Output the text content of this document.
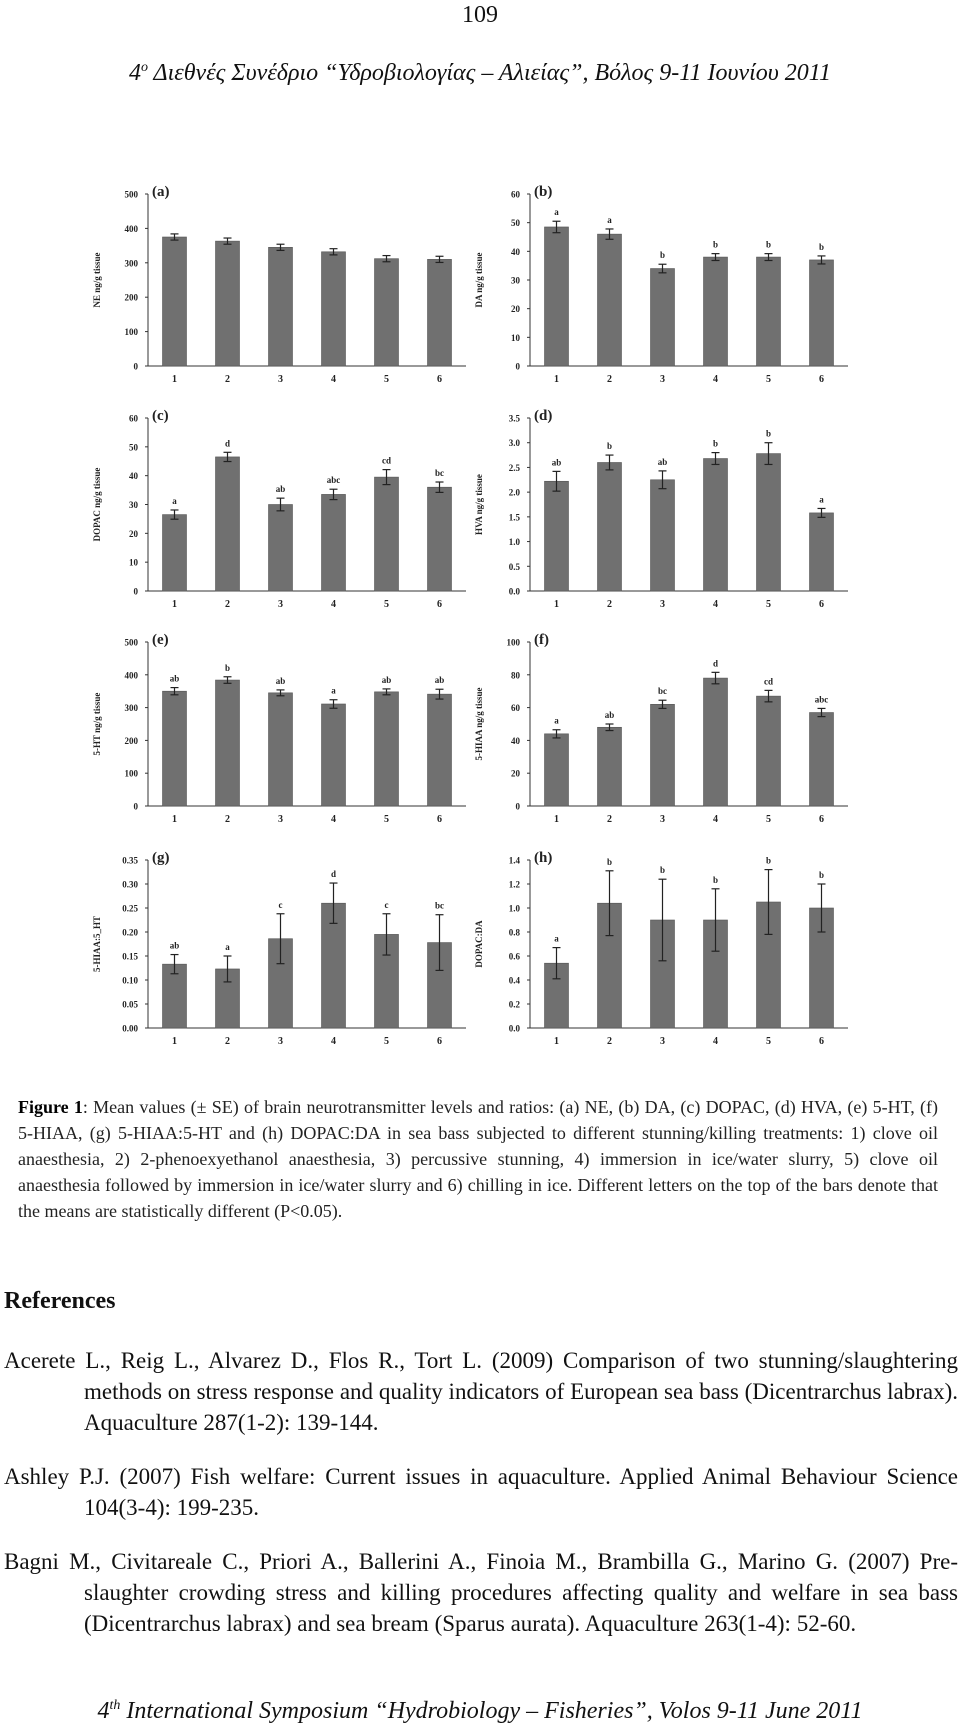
109
$4^o$ Διεθνές Συνέδριο “Υδροβιολογίας – Αλιείας”, Βόλος 9-11 Ιουνίου 2011
0
100
200
300
400
500
NE ng/g tissue
(a)
1	2	3	4	5	6
0
10
20
30
40
50
60
DA ng/g tissue
(b)
a
1
a
2
b
3
b
4
b
5
b
6
0
10
20
30
40
50
60
DOPAC ng/g tissue
(c)
a
1
d
2
ab
3
abc
4
cd
5
bc
6
0.0
0.5
1.0
1.5
2.0
2.5
3.0
3.5
HVA ng/g tissue
(d)
ab
1
b
2
ab
3
b
4
b
5
a
6
0
100
200
300
400
500
5-HT ng/g tissue
(e)
ab
1
b
2
ab
3
a
4
ab
5
ab
6
0
20
40
60
80
100
5-HIAA ng/g tissue
(f)
a
1
ab
2
bc
3
d
4
cd
5
abc
6
0.00
0.05
0.10
0.15
0.20
0.25
0.30
0.35
5-HIAA:5_HT
(g)
ab
1
a
2
c
3
d
4
c
5
bc
6
0.0
0.2
0.4
0.6
0.8
1.0
1.2
1.4
DOPAC:DA
(h)
a
1
b
2
b
3
b
4
b
5
b
6
Figure 1: Mean values (± SE) of brain neurotransmitter levels and ratios: (a) NE, (b) DA, (c) DOPAC, (d) HVA, (e) 5-HT, (f) 5-HIAA, (g) 5-HIAA:5-HT and (h) DOPAC:DA in sea bass subjected to different stunning/killing treatments: 1) clove oil anaesthesia, 2) 2-phenoexyethanol anaesthesia, 3) percussive stunning, 4) immersion in ice/water slurry, 5) clove oil anaesthesia followed by immersion in ice/water slurry and 6) chilling in ice. Different letters on the top of the bars denote that the means are statistically different (P<0.05).
References

Acerete L., Reig L., Alvarez D., Flos R., Tort L. (2009) Comparison of two stunning/slaughtering methods on stress response and quality indicators of European sea bass (Dicentrarchus labrax). Aquaculture 287(1-2): 139-144.

Ashley P.J. (2007) Fish welfare: Current issues in aquaculture. Applied Animal Behaviour Science 104(3-4): 199-235.

Bagni M., Civitareale C., Priori A., Ballerini A., Finoia M., Brambilla G., Marino G. (2007) Pre-slaughter crowding stress and killing procedures affecting quality and welfare in sea bass (Dicentrarchus labrax) and sea bream (Sparus aurata). Aquaculture 263(1-4): 52-60.

4th International Symposium “Hydrobiology – Fisheries”, Volos 9-11 June 2011
